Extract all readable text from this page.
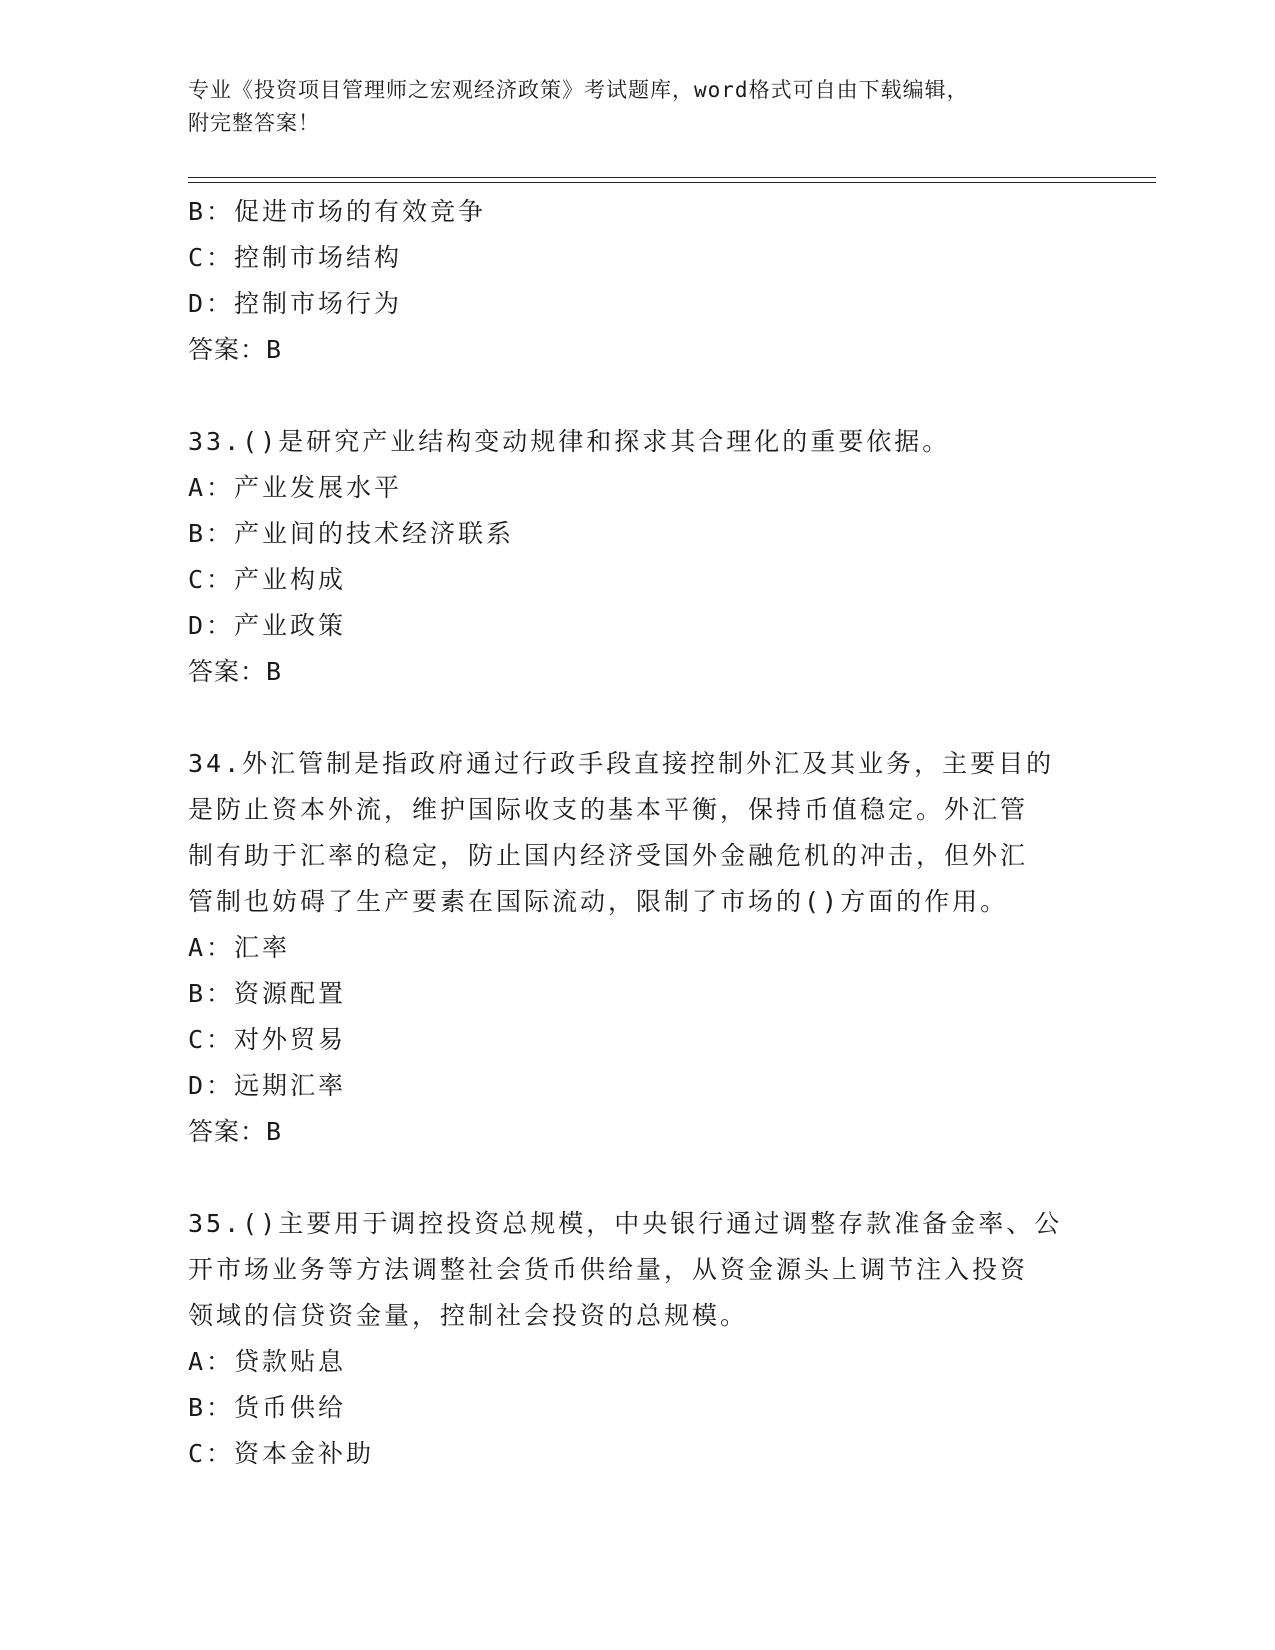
专业《投资项目管理师之宏观经济政策》考试题库，word格式可自由下载编辑，
附完整答案！
B：促进市场的有效竞争
C：控制市场结构
D：控制市场行为
答案：B
33.()是研究产业结构变动规律和探求其合理化的重要依据。
A：产业发展水平
B：产业间的技术经济联系
C：产业构成
D：产业政策
答案：B
34.外汇管制是指政府通过行政手段直接控制外汇及其业务，主要目的
是防止资本外流，维护国际收支的基本平衡，保持币值稳定。外汇管
制有助于汇率的稳定，防止国内经济受国外金融危机的冲击，但外汇
管制也妨碍了生产要素在国际流动，限制了市场的()方面的作用。
A：汇率
B：资源配置
C：对外贸易
D：远期汇率
答案：B
35.()主要用于调控投资总规模，中央银行通过调整存款准备金率、公
开市场业务等方法调整社会货币供给量，从资金源头上调节注入投资
领域的信贷资金量，控制社会投资的总规模。
A：贷款贴息
B：货币供给
C：资本金补助
